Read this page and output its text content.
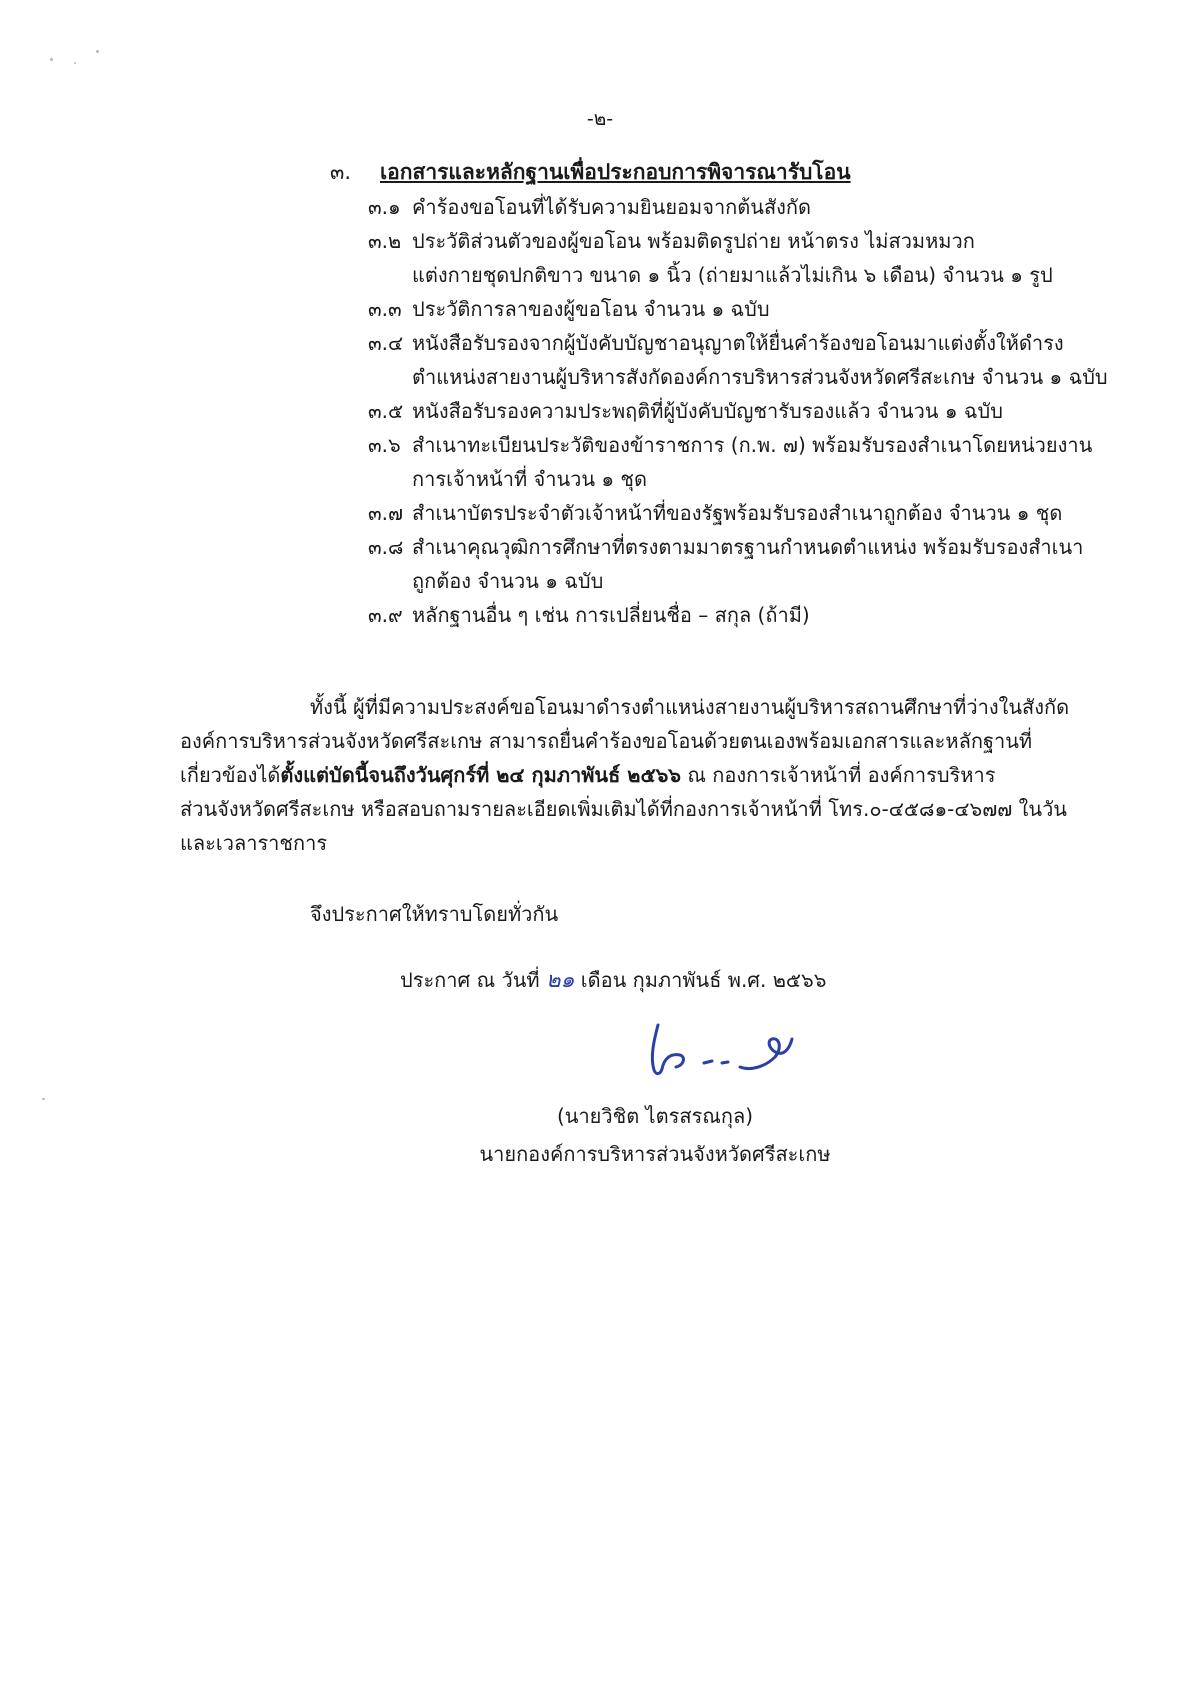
-๒-
๓. เอกสารและหลักฐานเพื่อประกอบการพิจารณารับโอน
๓.๑ คำร้องขอโอนที่ได้รับความยินยอมจากต้นสังกัด
๓.๒ ประวัติส่วนตัวของผู้ขอโอน พร้อมติดรูปถ่าย หน้าตรง ไม่สวมหมวก
แต่งกายชุดปกติขาว ขนาด ๑ นิ้ว (ถ่ายมาแล้วไม่เกิน ๖ เดือน) จำนวน ๑ รูป
๓.๓ ประวัติการลาของผู้ขอโอน จำนวน ๑ ฉบับ
๓.๔ หนังสือรับรองจากผู้บังคับบัญชาอนุญาตให้ยื่นคำร้องขอโอนมาแต่งตั้งให้ดำรง
ตำแหน่งสายงานผู้บริหารสังกัดองค์การบริหารส่วนจังหวัดศรีสะเกษ จำนวน ๑ ฉบับ
๓.๕ หนังสือรับรองความประพฤติที่ผู้บังคับบัญชารับรองแล้ว จำนวน ๑ ฉบับ
๓.๖ สำเนาทะเบียนประวัติของข้าราชการ (ก.พ. ๗) พร้อมรับรองสำเนาโดยหน่วยงาน
การเจ้าหน้าที่ จำนวน ๑ ชุด
๓.๗ สำเนาบัตรประจำตัวเจ้าหน้าที่ของรัฐพร้อมรับรองสำเนาถูกต้อง จำนวน ๑ ชุด
๓.๘ สำเนาคุณวุฒิการศึกษาที่ตรงตามมาตรฐานกำหนดตำแหน่ง พร้อมรับรองสำเนา
ถูกต้อง จำนวน ๑ ฉบับ
๓.๙ หลักฐานอื่น ๆ เช่น การเปลี่ยนชื่อ – สกุล (ถ้ามี)
ทั้งนี้ ผู้ที่มีความประสงค์ขอโอนมาดำรงตำแหน่งสายงานผู้บริหารสถานศึกษาที่ว่างในสังกัด
องค์การบริหารส่วนจังหวัดศรีสะเกษ สามารถยื่นคำร้องขอโอนด้วยตนเองพร้อมเอกสารและหลักฐานที่
เกี่ยวข้องได้ตั้งแต่บัดนี้จนถึงวันศุกร์ที่ ๒๔ กุมภาพันธ์ ๒๕๖๖ ณ กองการเจ้าหน้าที่ องค์การบริหาร
ส่วนจังหวัดศรีสะเกษ หรือสอบถามรายละเอียดเพิ่มเติมได้ที่กองการเจ้าหน้าที่ โทร.๐-๔๕๘๑-๔๖๗๗ ในวัน
และเวลาราชการ
จึงประกาศให้ทราบโดยทั่วกัน
ประกาศ ณ วันที่ ๒๑ เดือน กุมภาพันธ์ พ.ศ. ๒๕๖๖
(นายวิชิต ไตรสรณกุล)
นายกองค์การบริหารส่วนจังหวัดศรีสะเกษ
